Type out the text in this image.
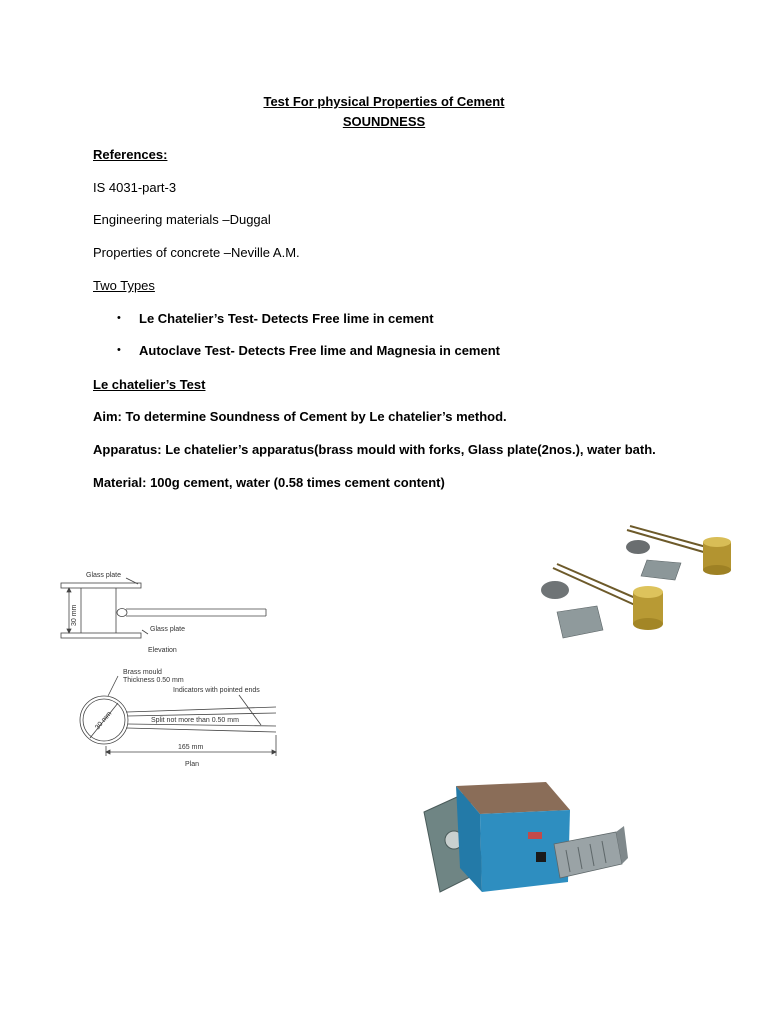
Test For physical Properties of Cement
SOUNDNESS
References:
IS 4031-part-3
Engineering materials –Duggal
Properties of concrete –Neville A.M.
Two Types
• Le Chatelier’s Test- Detects Free lime in cement
• Autoclave Test- Detects Free lime and Magnesia in cement
Le chatelier’s Test
Aim: To determine Soundness of Cement by Le chatelier’s method.
Apparatus: Le chatelier’s apparatus(brass mould with forks, Glass plate(2nos.), water bath.
Material: 100g cement, water (0.58 times cement content)
Glass plate
30 mm
Glass plate
Elevation
Brass mould
Thickness 0.50 mm
Indicators with pointed ends
30 mm	Split not more than 0.50 mm
165 mm
Plan
